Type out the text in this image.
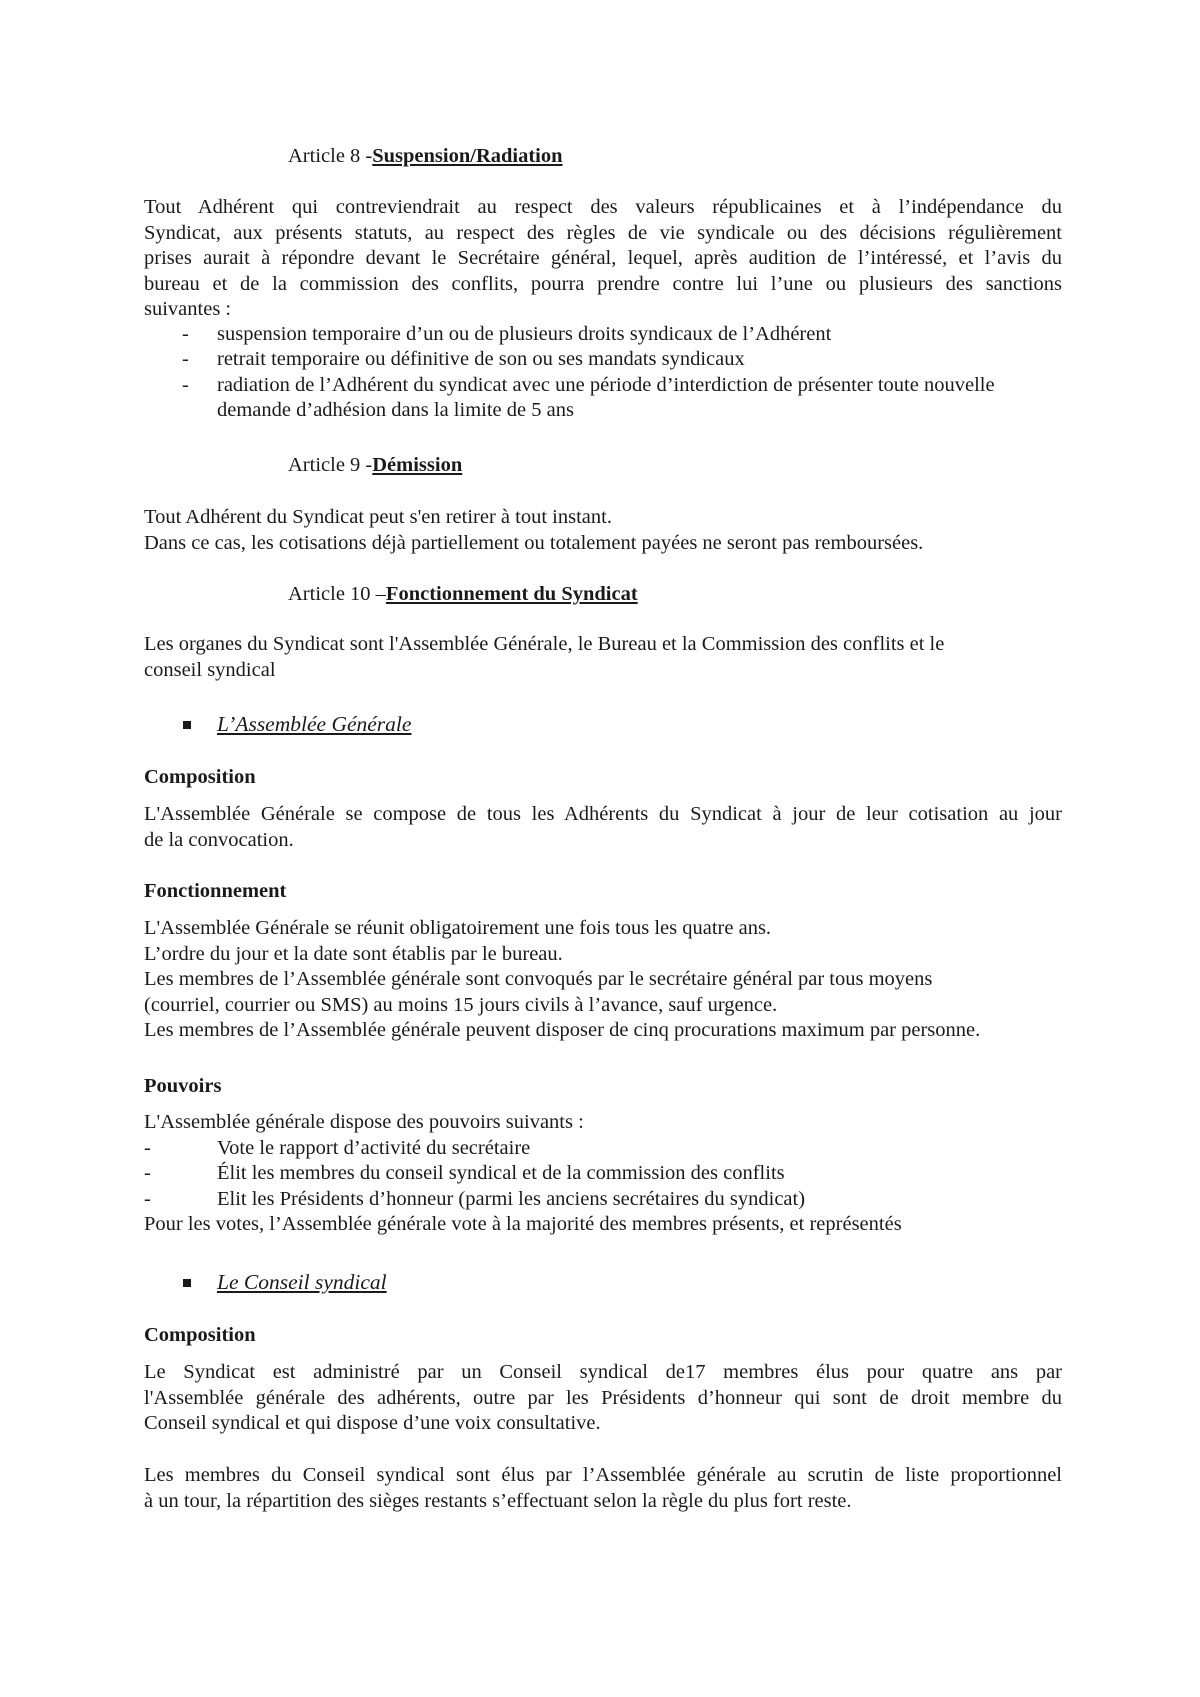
Article 8 -Suspension/Radiation
Tout Adhérent qui contreviendrait au respect des valeurs républicaines et à l’indépendance du
Syndicat, aux présents statuts, au respect des règles de vie syndicale ou des décisions régulièrement
prises aurait à répondre devant le Secrétaire général, lequel, après audition de l’intéressé, et l’avis du
bureau et de la commission des conflits, pourra prendre contre lui l’une ou plusieurs des sanctions
suivantes :
- suspension temporaire d’un ou de plusieurs droits syndicaux de l’Adhérent
- retrait temporaire ou définitive de son ou ses mandats syndicaux
- radiation de l’Adhérent du syndicat avec une période d’interdiction de présenter toute nouvelle
demande d’adhésion dans la limite de 5 ans
Article 9 -Démission
Tout Adhérent du Syndicat peut s'en retirer à tout instant.
Dans ce cas, les cotisations déjà partiellement ou totalement payées ne seront pas remboursées.
Article 10 –Fonctionnement du Syndicat
Les organes du Syndicat sont l'Assemblée Générale, le Bureau et la Commission des conflits et le
conseil syndical
L’Assemblée Générale
Composition
L'Assemblée Générale se compose de tous les Adhérents du Syndicat à jour de leur cotisation au jour
de la convocation.
Fonctionnement
L'Assemblée Générale se réunit obligatoirement une fois tous les quatre ans.
L’ordre du jour et la date sont établis par le bureau.
Les membres de l’Assemblée générale sont convoqués par le secrétaire général par tous moyens
(courriel, courrier ou SMS) au moins 15 jours civils à l’avance, sauf urgence.
Les membres de l’Assemblée générale peuvent disposer de cinq procurations maximum par personne.
Pouvoirs
L'Assemblée générale dispose des pouvoirs suivants :
-	Vote le rapport d’activité du secrétaire
-	Élit les membres du conseil syndical et de la commission des conflits
-	Elit les Présidents d’honneur (parmi les anciens secrétaires du syndicat)
Pour les votes, l’Assemblée générale vote à la majorité des membres présents, et représentés
Le Conseil syndical
Composition
Le Syndicat est administré par un Conseil syndical de17 membres élus pour quatre ans par
l'Assemblée générale des adhérents, outre par les Présidents d’honneur qui sont de droit membre du
Conseil syndical et qui dispose d’une voix consultative.
Les membres du Conseil syndical sont élus par l’Assemblée générale au scrutin de liste proportionnel
à un tour, la répartition des sièges restants s’effectuant selon la règle du plus fort reste.
